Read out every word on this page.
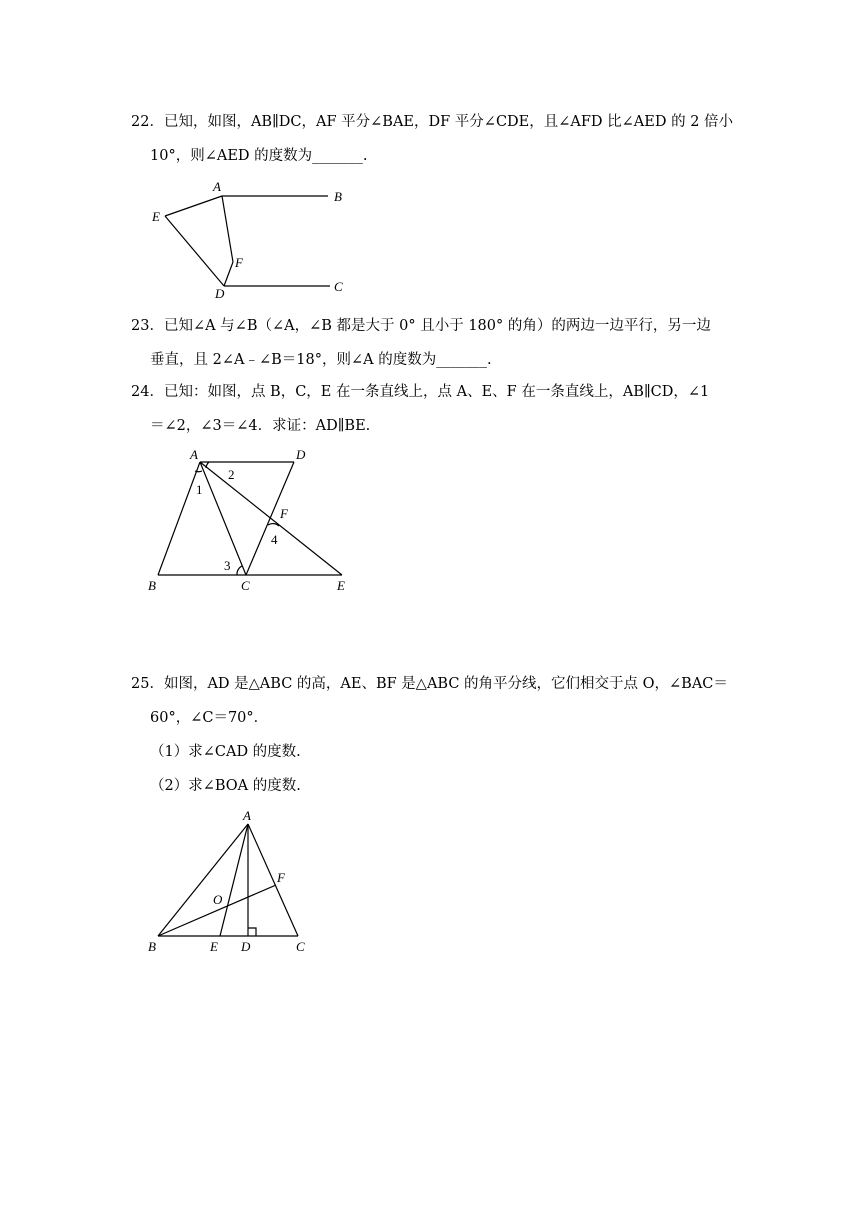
22．已知，如图，AB∥DC，AF 平分∠BAE，DF 平分∠CDE，且∠AFD 比∠AED 的 2 倍小
10°，则∠AED 的度数为_______.
A
B
E
F
D	C
23．已知∠A 与∠B（∠A，∠B 都是大于 0° 且小于 180° 的角）的两边一边平行，另一边
垂直，且 2∠A﹣∠B＝18°，则∠A 的度数为_______.
24．已知：如图，点 B，C，E 在一条直线上，点 A、E、F 在一条直线上，AB∥CD，∠1
＝∠2，∠3＝∠4．求证：AD∥BE.
A	D
B	C	E
F
1
2
3
4
25．如图，AD 是△ABC 的高，AE、BF 是△ABC 的角平分线，它们相交于点 O，∠BAC＝
60°，∠C＝70°．
（1）求∠CAD 的度数.
（2）求∠BOA 的度数.
A
F
O
B	E D	C
